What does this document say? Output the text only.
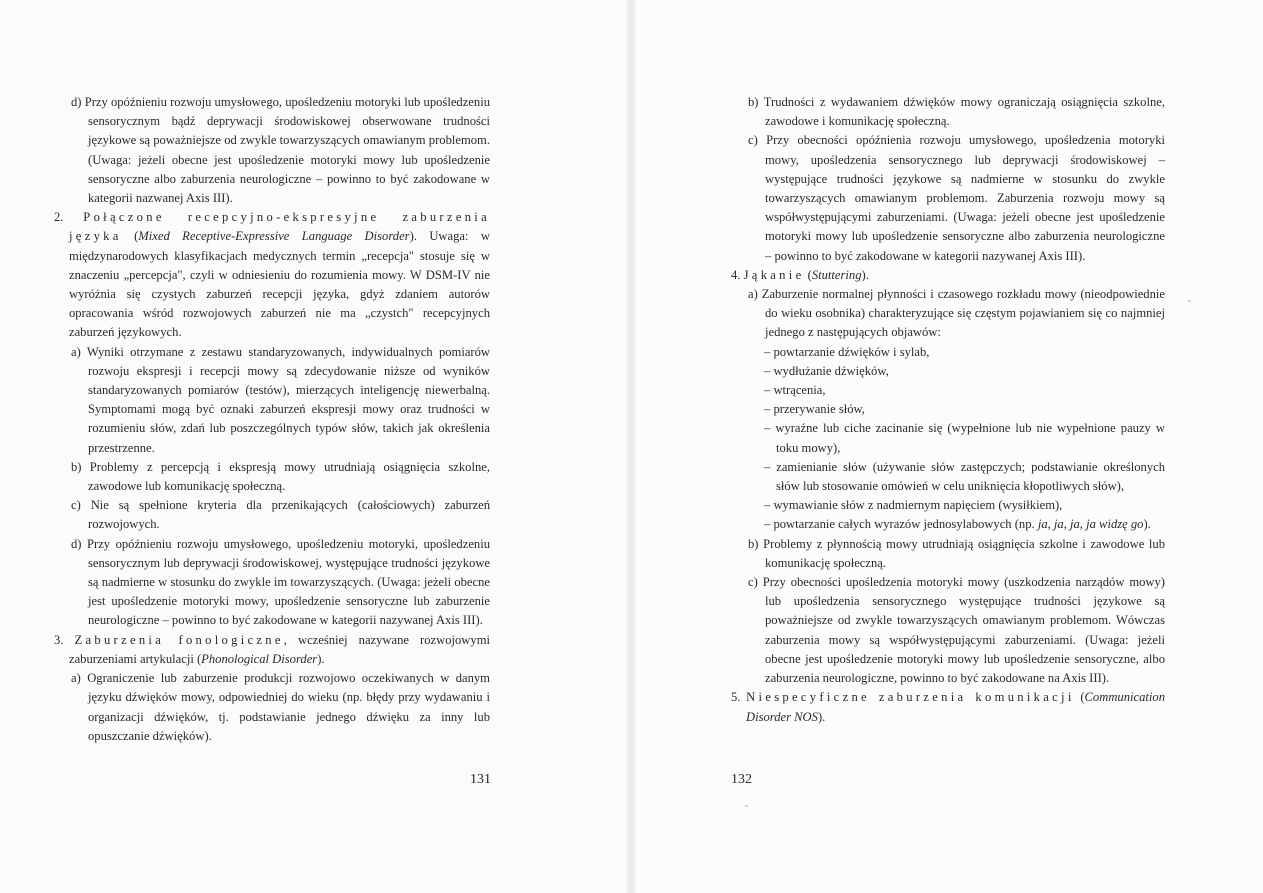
d) Przy opóźnieniu rozwoju umysłowego, upośledzeniu motoryki lub upośledzeniu sensorycznym bądź deprywacji środowiskowej obserwowane trudności językowe są poważniejsze od zwykle towarzyszących omawianym problemom. (Uwaga: jeżeli obecne jest upośledzenie motoryki mowy lub upośledzenie sensoryczne albo zaburzenia neurologiczne – powinno to być zakodowane w kategorii nazwanej Axis III).

2. Połączone recepcyjno-ekspresyjne zaburzenia języka (Mixed Receptive-Expressive Language Disorder). Uwaga: w międzynarodowych klasyfikacjach medycznych termin „recepcja" stosuje się w znaczeniu „percepcja", czyli w odniesieniu do rozumienia mowy. W DSM-IV nie wyróżnia się czystych zaburzeń recepcji języka, gdyż zdaniem autorów opracowania wśród rozwojowych zaburzeń nie ma „czystch" recepcyjnych zaburzeń językowych.

a) Wyniki otrzymane z zestawu standaryzowanych, indywidualnych pomiarów rozwoju ekspresji i recepcji mowy są zdecydowanie niższe od wyników standaryzowanych pomiarów (testów), mierzących inteligencję niewerbalną. Symptomami mogą być oznaki zaburzeń ekspresji mowy oraz trudności w rozumieniu słów, zdań lub poszczególnych typów słów, takich jak określenia przestrzenne.

b) Problemy z percepcją i ekspresją mowy utrudniają osiągnięcia szkolne, zawodowe lub komunikację społeczną.

c) Nie są spełnione kryteria dla przenikających (całościowych) zaburzeń rozwojowych.

d) Przy opóźnieniu rozwoju umysłowego, upośledzeniu motoryki, upośledzeniu sensorycznym lub deprywacji środowiskowej, występujące trudności językowe są nadmierne w stosunku do zwykle im towarzyszących. (Uwaga: jeżeli obecne jest upośledzenie motoryki mowy, upośledzenie sensoryczne lub zaburzenie neurologiczne – powinno to być zakodowane w kategorii nazywanej Axis III).

3. Zaburzenia fonologiczne, wcześniej nazywane rozwojowymi zaburzeniami artykulacji (Phonological Disorder).

a) Ograniczenie lub zaburzenie produkcji rozwojowo oczekiwanych w danym języku dźwięków mowy, odpowiedniej do wieku (np. błędy przy wydawaniu i organizacji dźwięków, tj. podstawianie jednego dźwięku za inny lub opuszczanie dźwięków).

131

b) Trudności z wydawaniem dźwięków mowy ograniczają osiągnięcia szkolne, zawodowe i komunikację społeczną.

c) Przy obecności opóźnienia rozwoju umysłowego, upośledzenia motoryki mowy, upośledzenia sensorycznego lub deprywacji środowiskowej – występujące trudności językowe są nadmierne w stosunku do zwykle towarzyszących omawianym problemom. Zaburzenia rozwoju mowy są współwystępującymi zaburzeniami. (Uwaga: jeżeli obecne jest upośledzenie motoryki mowy lub upośledzenie sensoryczne albo zaburzenia neurologiczne – powinno to być zakodowane w kategorii nazywanej Axis III).

4. Jąkanie (Stuttering).

a) Zaburzenie normalnej płynności i czasowego rozkładu mowy (nieodpowiednie do wieku osobnika) charakteryzujące się częstym pojawianiem się co najmniej jednego z następujących objawów:

– powtarzanie dźwięków i sylab,

– wydłużanie dźwięków,

– wtrącenia,

– przerywanie słów,

– wyraźne lub ciche zacinanie się (wypełnione lub nie wypełnione pauzy w toku mowy),

– zamienianie słów (używanie słów zastępczych; podstawianie określonych słów lub stosowanie omówień w celu uniknięcia kłopotliwych słów),

– wymawianie słów z nadmiernym napięciem (wysiłkiem),

– powtarzanie całych wyrazów jednosylabowych (np. ja, ja, ja, ja widzę go).

b) Problemy z płynnością mowy utrudniają osiągnięcia szkolne i zawodowe lub komunikację społeczną.

c) Przy obecności upośledzenia motoryki mowy (uszkodzenia narządów mowy) lub upośledzenia sensorycznego występujące trudności językowe są poważniejsze od zwykle towarzyszących omawianym problemom. Wówczas zaburzenia mowy są współwystępującymi zaburzeniami. (Uwaga: jeżeli obecne jest upośledzenie motoryki mowy lub upośledzenie sensoryczne, albo zaburzenia neurologiczne, powinno to być zakodowane na Axis III).

5. Niespecyficzne zaburzenia komunikacji (Communication Disorder NOS).

132
